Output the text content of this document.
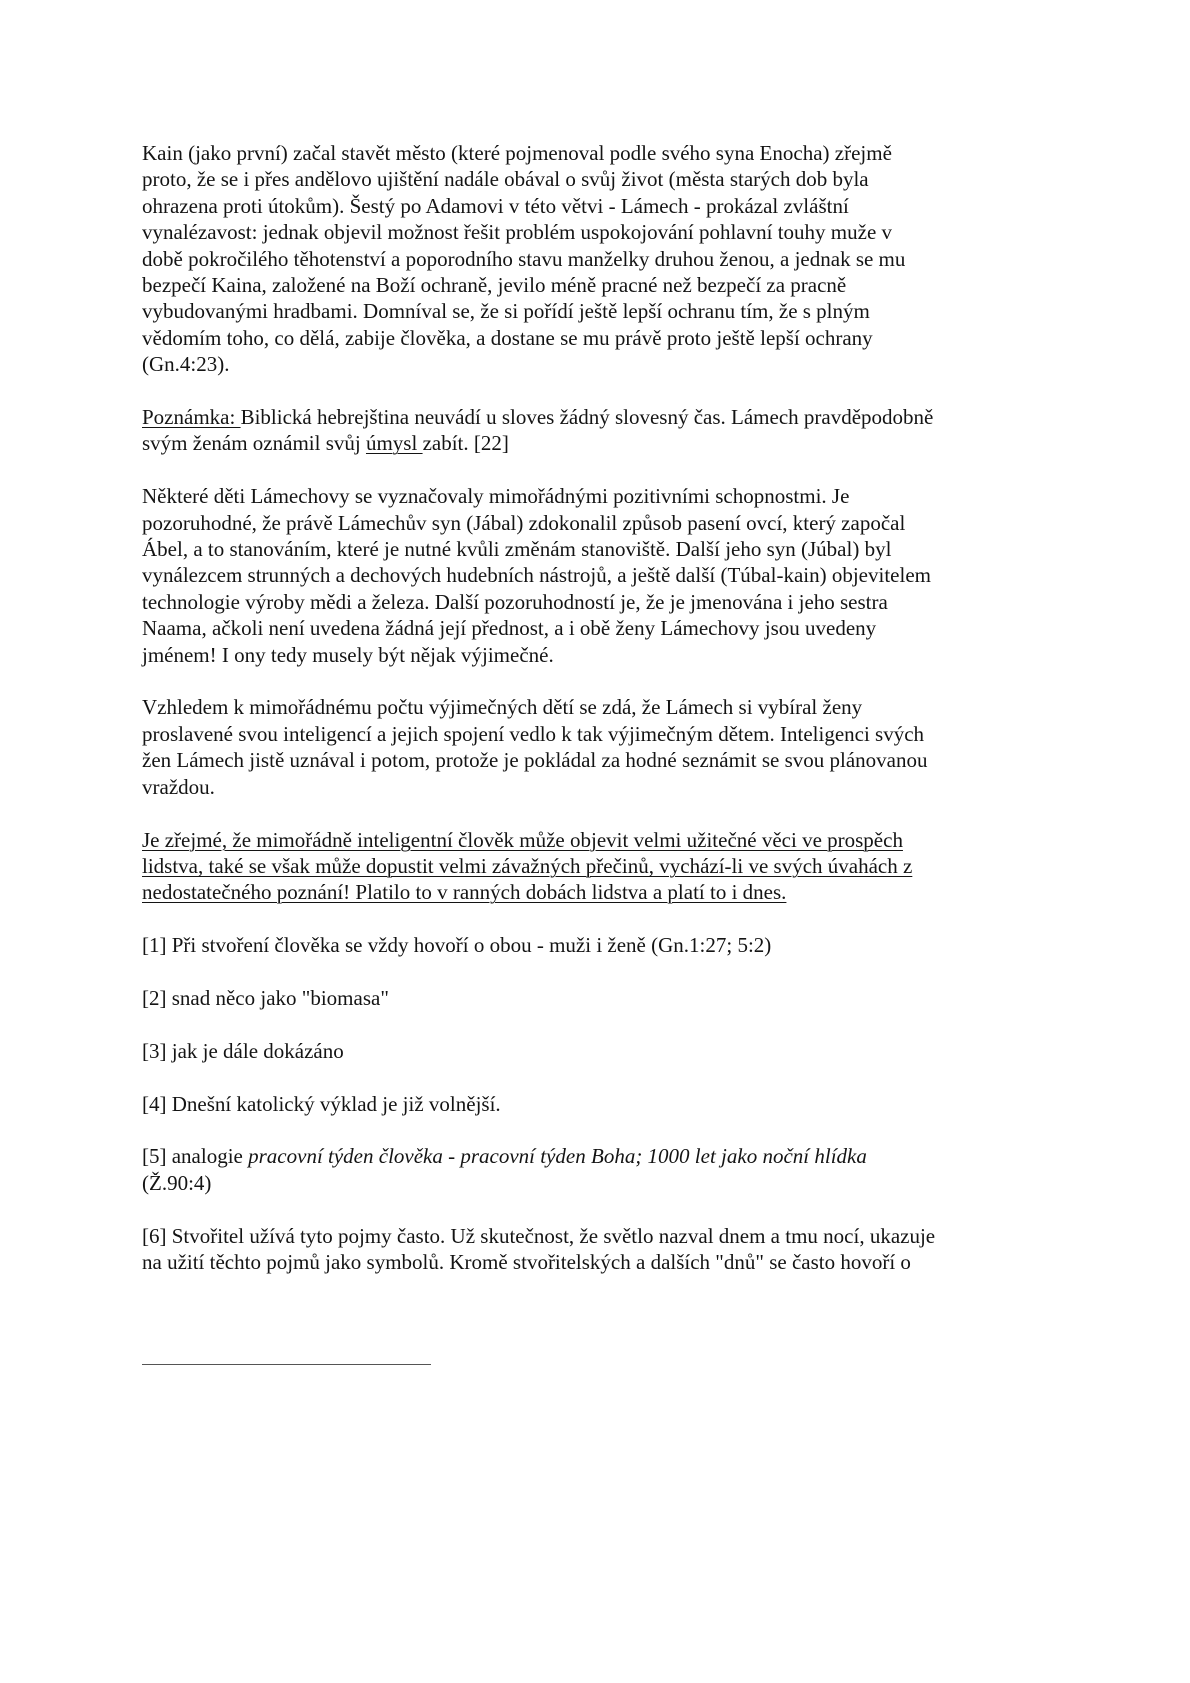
Kain (jako první) začal stavět město (které pojmenoval podle svého syna Enocha) zřejmě
proto, že se i přes andělovo ujištění nadále obával o svůj život (města starých dob byla
ohrazena proti útokům). Šestý po Adamovi v této větvi - Lámech - prokázal zvláštní
vynalézavost: jednak objevil možnost řešit problém uspokojování pohlavní touhy muže v
době pokročilého těhotenství a poporodního stavu manželky druhou ženou, a jednak se mu
bezpečí Kaina, založené na Boží ochraně, jevilo méně pracné než bezpečí za pracně
vybudovanými hradbami. Domníval se, že si pořídí ještě lepší ochranu tím, že s plným
vědomím toho, co dělá, zabije člověka, a dostane se mu právě proto ještě lepší ochrany
(Gn.4:23).
Poznámka: Biblická hebrejština neuvádí u sloves žádný slovesný čas. Lámech pravděpodobně
svým ženám oznámil svůj úmysl zabít. [22]
Některé děti Lámechovy se vyznačovaly mimořádnými pozitivními schopnostmi. Je
pozoruhodné, že právě Lámechův syn (Jábal) zdokonalil způsob pasení ovcí, který započal
Ábel, a to stanováním, které je nutné kvůli změnám stanoviště. Další jeho syn (Júbal) byl
vynálezcem strunných a dechových hudebních nástrojů, a ještě další (Túbal-kain) objevitelem
technologie výroby mědi a železa. Další pozoruhodností je, že je jmenována i jeho sestra
Naama, ačkoli není uvedena žádná její přednost, a i obě ženy Lámechovy jsou uvedeny
jménem! I ony tedy musely být nějak výjimečné.
Vzhledem k mimořádnému počtu výjimečných dětí se zdá, že Lámech si vybíral ženy
proslavené svou inteligencí a jejich spojení vedlo k tak výjimečným dětem. Inteligenci svých
žen Lámech jistě uznával i potom, protože je pokládal za hodné seznámit se svou plánovanou
vraždou.
Je zřejmé, že mimořádně inteligentní člověk může objevit velmi užitečné věci ve prospěch
lidstva, také se však může dopustit velmi závažných přečinů, vychází-li ve svých úvahách z
nedostatečného poznání! Platilo to v ranných dobách lidstva a platí to i dnes.
[1] Při stvoření člověka se vždy hovoří o obou - muži i ženě (Gn.1:27; 5:2)
[2] snad něco jako "biomasa"
[3] jak je dále dokázáno
[4] Dnešní katolický výklad je již volnější.
[5] analogie pracovní týden člověka - pracovní týden Boha; 1000 let jako noční hlídka
(Ž.90:4)
[6] Stvořitel užívá tyto pojmy často. Už skutečnost, že světlo nazval dnem a tmu nocí, ukazuje
na užití těchto pojmů jako symbolů. Kromě stvořitelských a dalších "dnů" se často hovoří o
